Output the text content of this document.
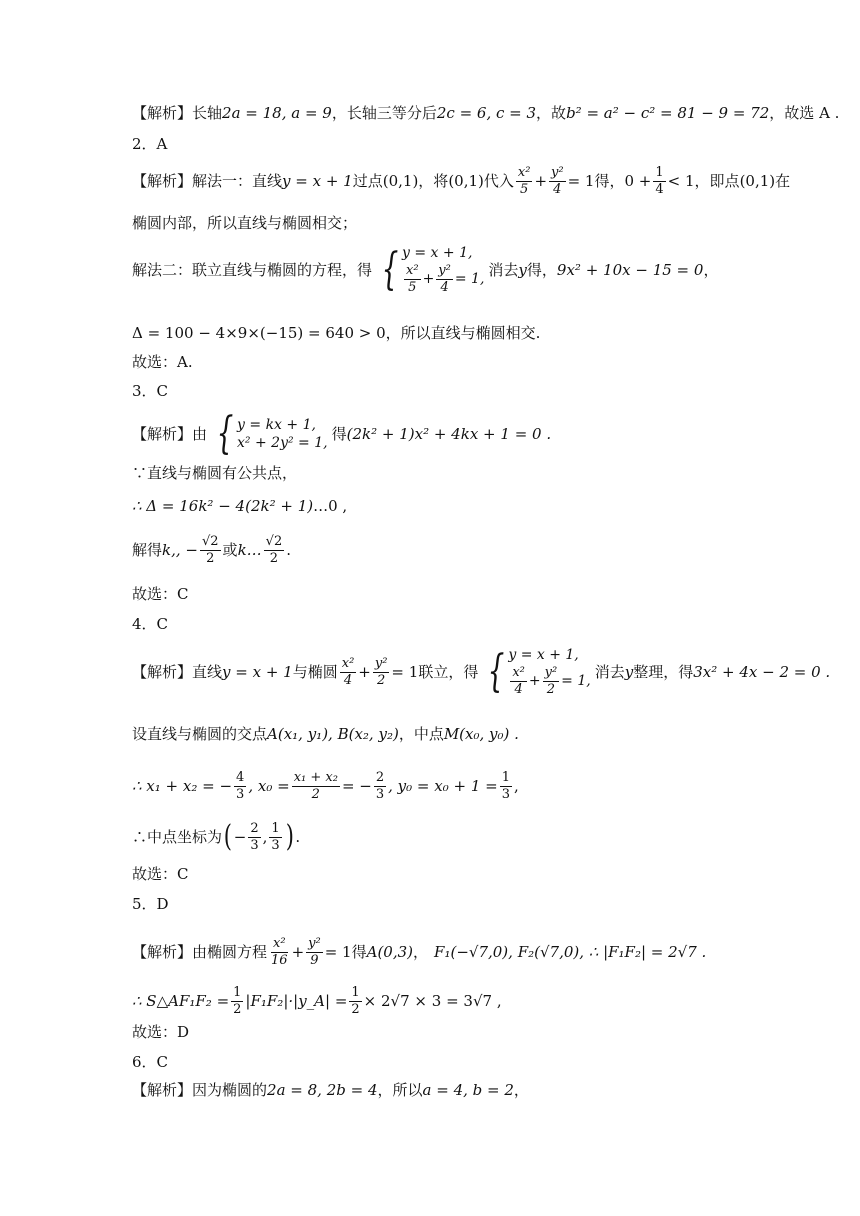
【解析】 长轴 2a = 18, a = 9 ，长轴三等分后 2c = 6, c = 3 ，故 b² = a² − c² = 81 − 9 = 72 ，故选 A .
2．A
【解析】 解法一：直线 y = x + 1 过点 (0,1) ，将 (0,1) 代入 $\frac{\text{x²}}{5} + \frac{\text{y²}}{4} = 1$ 得， $0 + \frac{1}{4} < 1$ ，即点 (0,1) 在
椭圆内部，所以直线与椭圆相交；
解法二：联立直线与椭圆的方程，得 { y = x + 1,
$\frac{\text{x²}}{5} + \frac{\text{y²}}{4} = 1$,
消去 y 得， 9x² + 10x − 15 = 0 ，
Δ = 100 − 4×9×(−15) = 640 > 0 ，所以直线与椭圆相交.
故选：A.
3．C
【解析】 由 { y = kx + 1,
x² + 2y² = 1,
得 (2k² + 1) x² + 4kx + 1 = 0 .
∵直线与椭圆有公共点，
∴ Δ = 16k² − 4 (2k² + 1) …0 ,
解得 k,, − $\frac{√2}{2}$ 或 k… $\frac{√2}{2}$ .
故选：C
4．C
【解析】 直线 y = x + 1 与椭圆 $\frac{\text{x²}}{4} + \frac{\text{y²}}{2} = 1$ 联立，得 { y = x + 1,
$\frac{\text{x²}}{4} + \frac{\text{y²}}{2} = 1$,
消去 y 整理，得 3x² + 4x − 2 = 0 .
设直线与椭圆的交点 A(x₁, y₁), B(x₂, y₂) ，中点 M(x₀, y₀) .
∴ x₁ + x₂ = − $\frac{4}{3}$ , $x_0 = \frac{\text{x₁ + x₂}}{2}$ = − $\frac{2}{3}$ , $y_0 = x_0 + 1 = \frac{1}{3}$ ,
∴中点坐标为 ( − $\frac{2}{3}$ , $\frac{1}{3}$ ) .
故选：C
5．D
【解析】 由椭圆方程 $\frac{\text{x²}}{16} + \frac{\text{y²}}{9} = 1$ 得 A(0,3) ， F₁(−√7,0), F₂(√7,0), ∴ |F₁F₂| = 2√7 .
∴ S△AF₁F₂ = $\frac{1}{2}$ |F₁F₂|·|y_A| = $\frac{1}{2} \times 2√7 \times 3 = 3√7$ ,
故选：D
6．C
【解析】 因为椭圆的 2a = 8, 2b = 4 ，所以 a = 4, b = 2 ，
